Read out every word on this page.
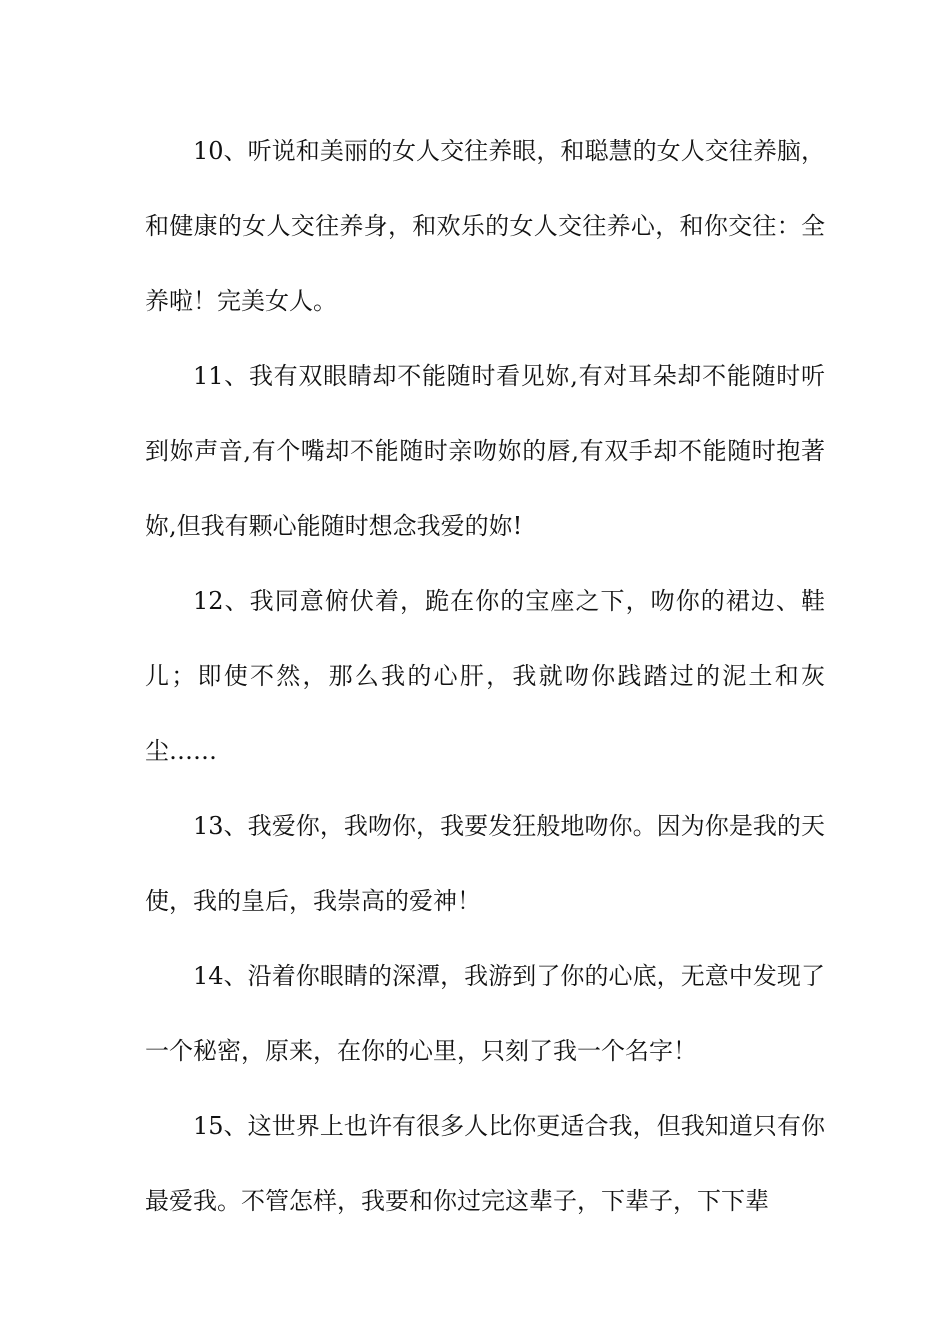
10、听说和美丽的女人交往养眼，和聪慧的女人交往养脑，和健康的女人交往养身，和欢乐的女人交往养心，和你交往：全养啦！完美女人。

11、我有双眼睛却不能随时看见妳,有对耳朵却不能随时听到妳声音,有个嘴却不能随时亲吻妳的唇,有双手却不能随时抱著妳,但我有颗心能随时想念我爱的妳!

12、我同意俯伏着，跪在你的宝座之下，吻你的裙边、鞋儿；即使不然，那么我的心肝，我就吻你践踏过的泥土和灰尘……

13、我爱你，我吻你，我要发狂般地吻你。因为你是我的天使，我的皇后，我崇高的爱神！

14、沿着你眼睛的深潭，我游到了你的心底，无意中发现了一个秘密，原来，在你的心里，只刻了我一个名字！

15、这世界上也许有很多人比你更适合我，但我知道只有你最爱我。不管怎样，我要和你过完这辈子，下辈子，下下辈
